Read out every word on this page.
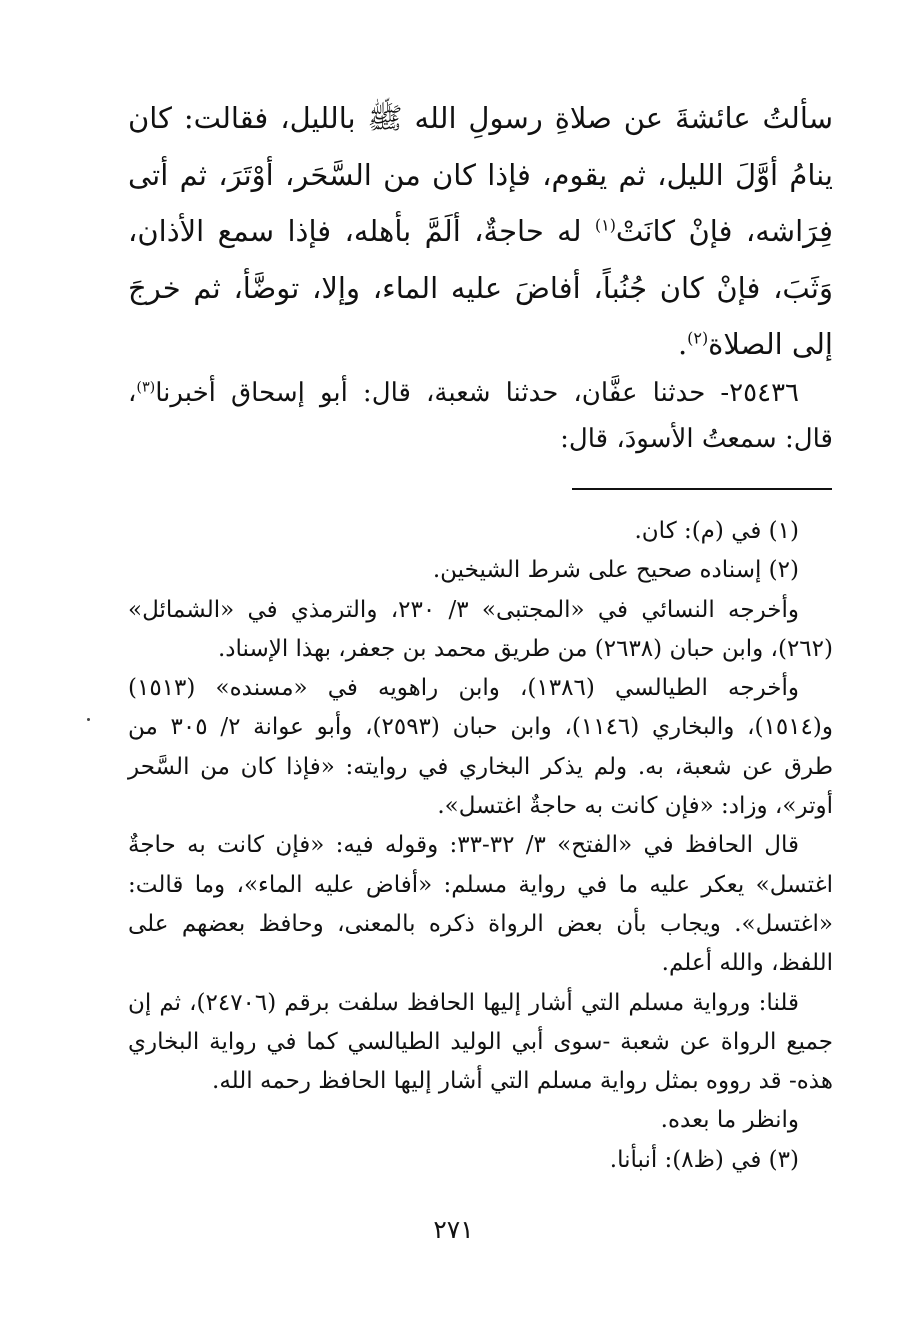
سألتُ عائشةَ عن صلاةِ رسولِ الله ﷺ بالليل، فقالت: كان ينامُ أوَّلَ الليل، ثم يقوم، فإذا كان من السَّحَر، أوْتَرَ، ثم أتى فِرَاشه، فإنْ كانَتْ$^{(١)}$ له حاجةٌ، ألَمَّ بأهله، فإذا سمع الأذان، وَثَبَ، فإنْ كان جُنُباً، أفاضَ عليه الماء، وإلا، توضَّأ، ثم خرجَ إلى الصلاة$^{(٢)}$.

٢٥٤٣٦- حدثنا عفَّان، حدثنا شعبة، قال: أبو إسحاق أخبرنا$^{(٣)}$، قال: سمعتُ الأسودَ، قال:

(١) في (م): كان.

(٢) إسناده صحيح على شرط الشيخين.

وأخرجه النسائي في «المجتبى» ٣/ ٢٣٠، والترمذي في «الشمائل» (٢٦٢)، وابن حبان (٢٦٣٨) من طريق محمد بن جعفر، بهذا الإسناد.

وأخرجه الطيالسي (١٣٨٦)، وابن راهويه في «مسنده» (١٥١٣) و(١٥١٤)، والبخاري (١١٤٦)، وابن حبان (٢٥٩٣)، وأبو عوانة ٢/ ٣٠٥ من طرق عن شعبة، به. ولم يذكر البخاري في روايته: «فإذا كان من السَّحر أوتر»، وزاد: «فإن كانت به حاجةٌ اغتسل».

قال الحافظ في «الفتح» ٣/ ٣٢-٣٣: وقوله فيه: «فإن كانت به حاجةٌ اغتسل» يعكر عليه ما في رواية مسلم: «أفاض عليه الماء»، وما قالت: «اغتسل». ويجاب بأن بعض الرواة ذكره بالمعنى، وحافظ بعضهم على اللفظ، والله أعلم.

قلنا: ورواية مسلم التي أشار إليها الحافظ سلفت برقم (٢٤٧٠٦)، ثم إن جميع الرواة عن شعبة -سوى أبي الوليد الطيالسي كما في رواية البخاري هذه- قد رووه بمثل رواية مسلم التي أشار إليها الحافظ رحمه الله.

وانظر ما بعده.

(٣) في (ظ٨): أنبأنا.

٢٧١
